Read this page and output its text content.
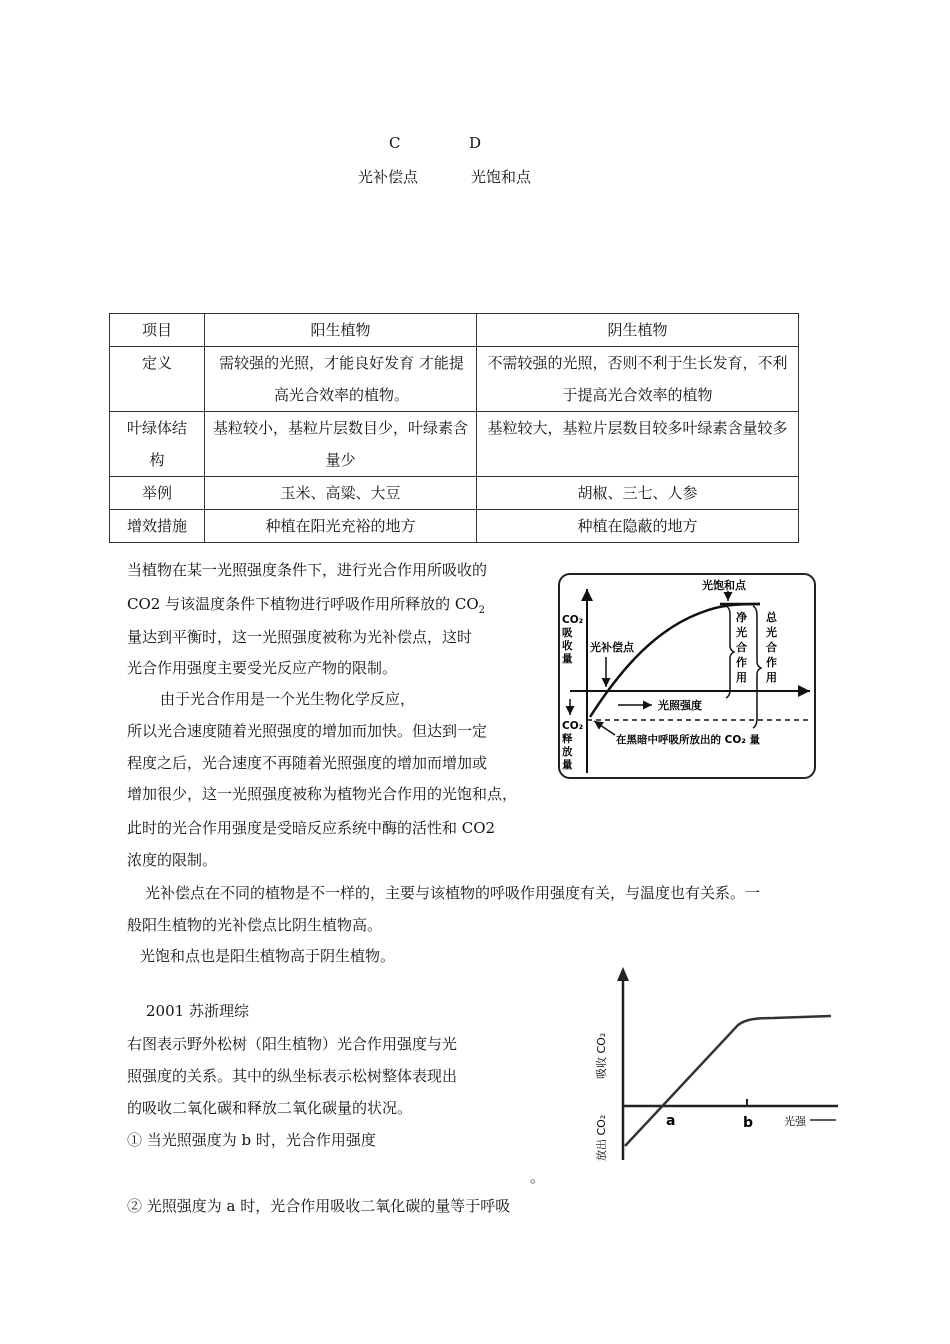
C	D
光补偿点	光饱和点
项目	阳生植物	阴生植物
定义	需较强的光照，才能良好发育 才能提高光合效率的植物。	不需较强的光照，否则不利于生长发育，不利于提高光合效率的植物
叶绿体结构	基粒较小，基粒片层数目少，叶绿素含量少	基粒较大，基粒片层数目较多叶绿素含量较多
举例	玉米、高粱、大豆	胡椒、三七、人参
增效措施	种植在阳光充裕的地方	种植在隐蔽的地方
当植物在某一光照强度条件下，进行光合作用所吸收的
CO2 与该温度条件下植物进行呼吸作用所释放的 $CO_2$
量达到平衡时，这一光照强度被称为光补偿点，这时
光合作用强度主要受光反应产物的限制。
由于光合作用是一个光生物化学反应，
所以光合速度随着光照强度的增加而加快。但达到一定
程度之后，光合速度不再随着光照强度的增加而增加或
增加很少，这一光照强度被称为植物光合作用的光饱和点，
此时的光合作用强度是受暗反应系统中酶的活性和 CO2
浓度的限制。
光补偿点在不同的植物是不一样的，主要与该植物的呼吸作用强度有关，与温度也有关系。一
般阳生植物的光补偿点比阴生植物高。
光饱和点也是阳生植物高于阴生植物。
光饱和点
光补偿点
光照强度
在黑暗中呼吸所放出的 CO₂ 量
CO₂ 吸 收 量
CO₂ 释 放 量
净 光 合 作 用
总 光 合 作 用
2001 苏浙理综
右图表示野外松树（阳生植物）光合作用强度与光
照强度的关系。其中的纵坐标表示松树整体表现出
的吸收二氧化碳和释放二氧化碳量的状况。
① 当光照强度为 b 时，光合作用强度
。
② 光照强度为 a 时，光合作用吸收二氧化碳的量等于呼吸
a	b	光强
吸收 CO₂
放出 CO₂
